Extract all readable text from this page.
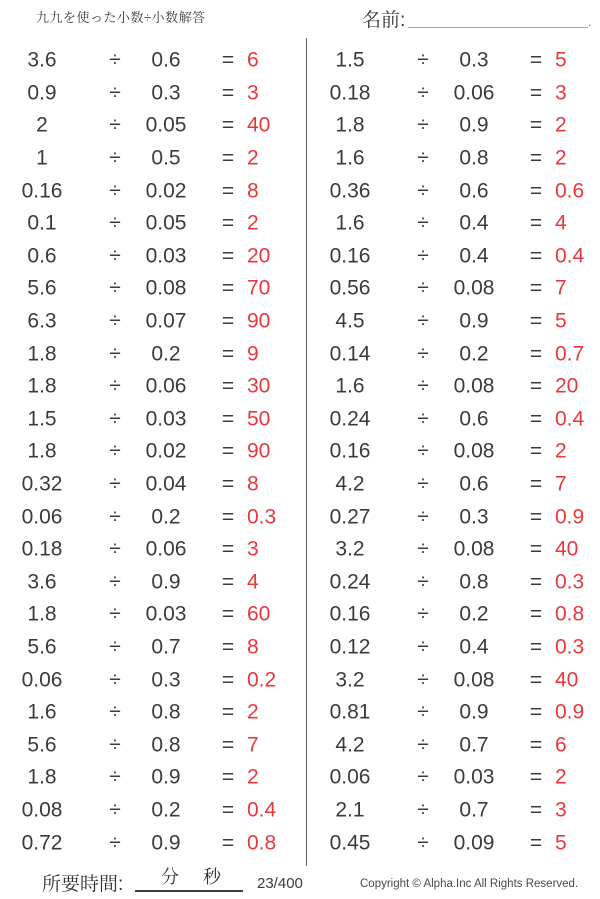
九九を使った小数÷小数解答	名前:	.
3.6	÷ 0.6 = 6
0.9	÷ 0.3 = 3
2	÷ 0.05 = 40
1	÷ 0.5 = 2
0.16 ÷ 0.02 = 8
0.1	÷ 0.05 = 2
0.6	÷ 0.03 = 20
5.6	÷ 0.08 = 70
6.3	÷ 0.07 = 90
1.8	÷ 0.2 = 9
1.8	÷ 0.06 = 30
1.5	÷ 0.03 = 50
1.8	÷ 0.02 = 90
0.32 ÷ 0.04 = 8
0.06 ÷ 0.2 = 0.3
0.18 ÷ 0.06 = 3
3.6	÷ 0.9 = 4
1.8	÷ 0.03 = 60
5.6	÷ 0.7 = 8
0.06 ÷ 0.3 = 0.2
1.6	÷ 0.8 = 2
5.6	÷ 0.8 = 7
1.8	÷ 0.9 = 2
0.08 ÷ 0.2 = 0.4
0.72 ÷ 0.9 = 0.8
1.5	÷ 0.3 = 5
0.18 ÷ 0.06 = 3
1.8	÷ 0.9 = 2
1.6	÷ 0.8 = 2
0.36 ÷ 0.6 = 0.6
1.6	÷ 0.4 = 4
0.16 ÷ 0.4 = 0.4
0.56 ÷ 0.08 = 7
4.5	÷ 0.9 = 5
0.14 ÷ 0.2 = 0.7
1.6	÷ 0.08 = 20
0.24 ÷ 0.6 = 0.4
0.16 ÷ 0.08 = 2
4.2	÷ 0.6 = 7
0.27 ÷ 0.3 = 0.9
3.2	÷ 0.08 = 40
0.24 ÷ 0.8 = 0.3
0.16 ÷ 0.2 = 0.8
0.12 ÷ 0.4 = 0.3
3.2	÷ 0.08 = 40
0.81 ÷ 0.9 = 0.9
4.2	÷ 0.7 = 6
0.06 ÷ 0.03 = 2
2.1	÷ 0.7 = 3
0.45 ÷ 0.09 = 5
所要時間: 分 秒 23/400	Copyright © Alpha.Inc All Rights Reserved.
